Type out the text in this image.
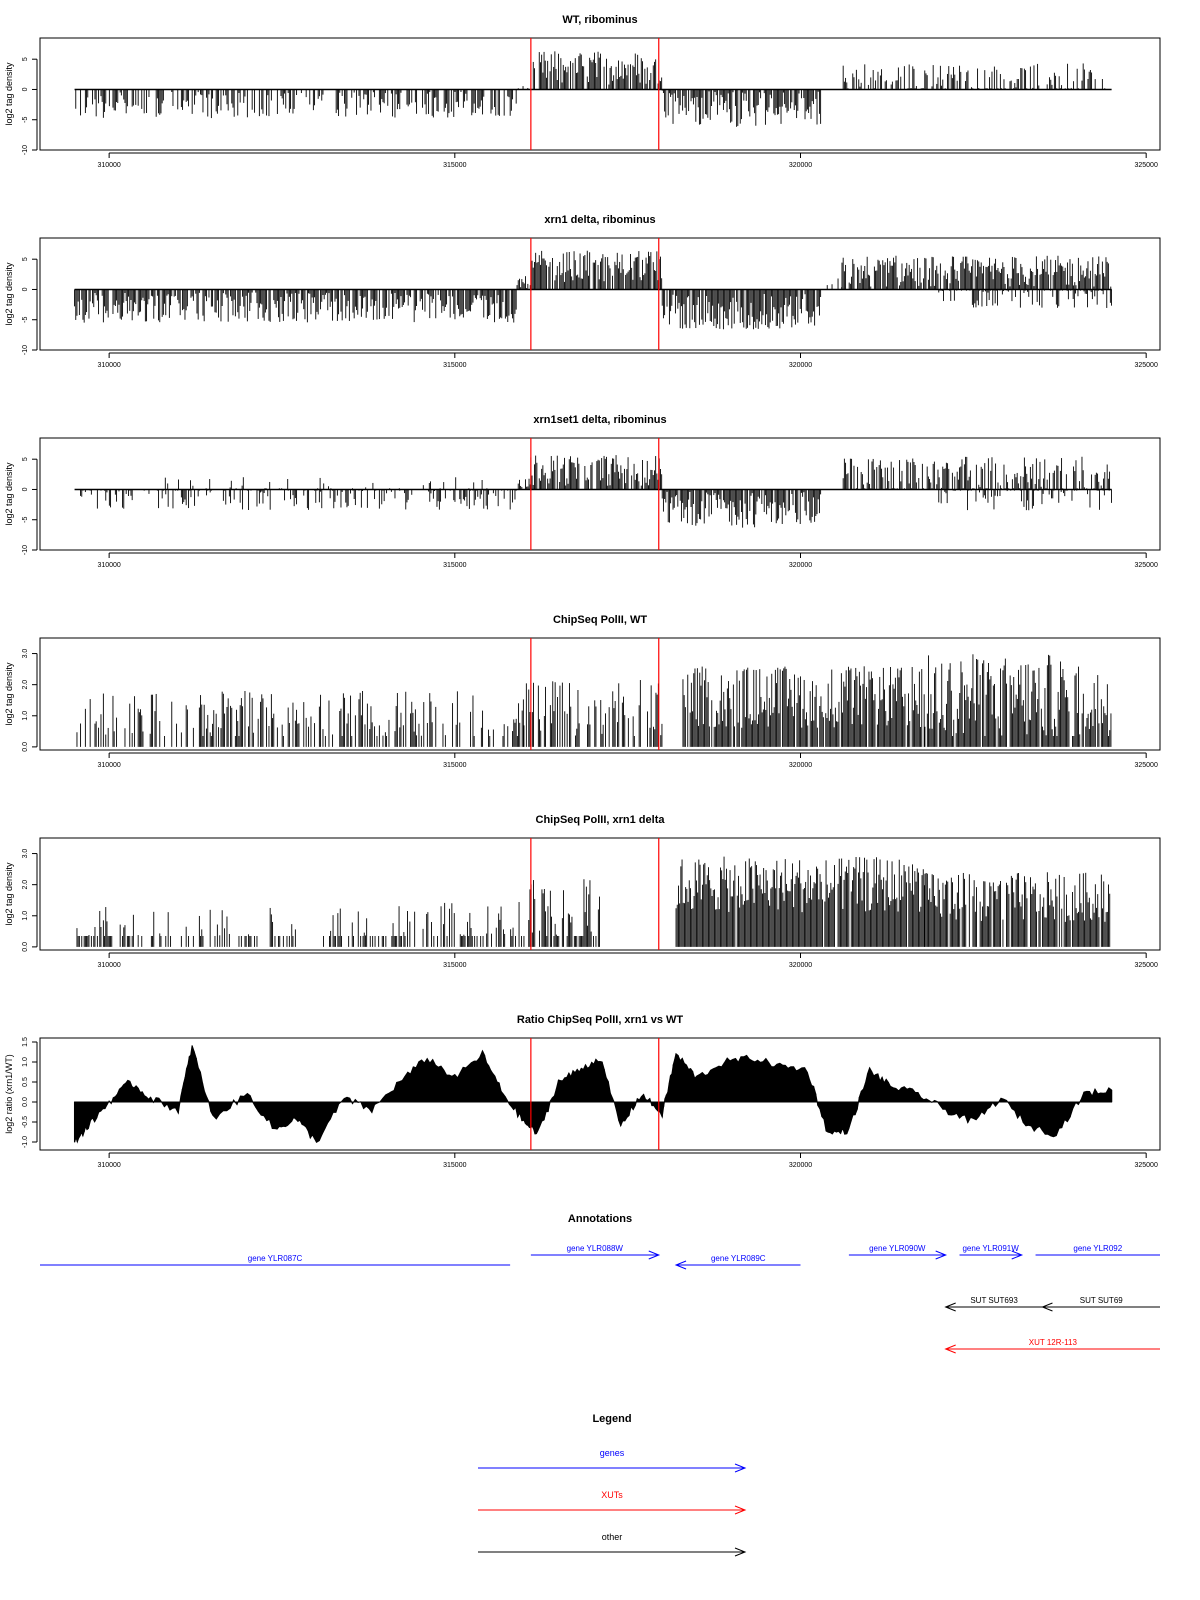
WT, ribominus
log2 tag density
310000	315000	320000	325000
-10
-5
0
5
xrn1 delta, ribominus
log2 tag density
310000	315000	320000	325000
-10
-5
0
5
xrn1set1 delta, ribominus
log2 tag density
310000	315000	320000	325000
-10
-5
0
5
ChipSeq PolII, WT
log2 tag density
310000	315000	320000	325000
0.0
1.0
2.0
3.0
ChipSeq PolII, xrn1 delta
log2 tag density
310000	315000	320000	325000
0.0
1.0
2.0
3.0
Ratio ChipSeq PolII, xrn1 vs WT
log2 ratio (xrn1/WT)
310000	315000	320000	325000
-1.0
-0.5
0.0
0.5
1.0
1.5
Annotations
gene YLR087C
gene YLR088W
gene YLR089C
gene YLR090W	gene YLR091W	gene YLR092
SUT SUT693	SUT SUT69
XUT 12R-113
Legend
genes
XUTs
other
